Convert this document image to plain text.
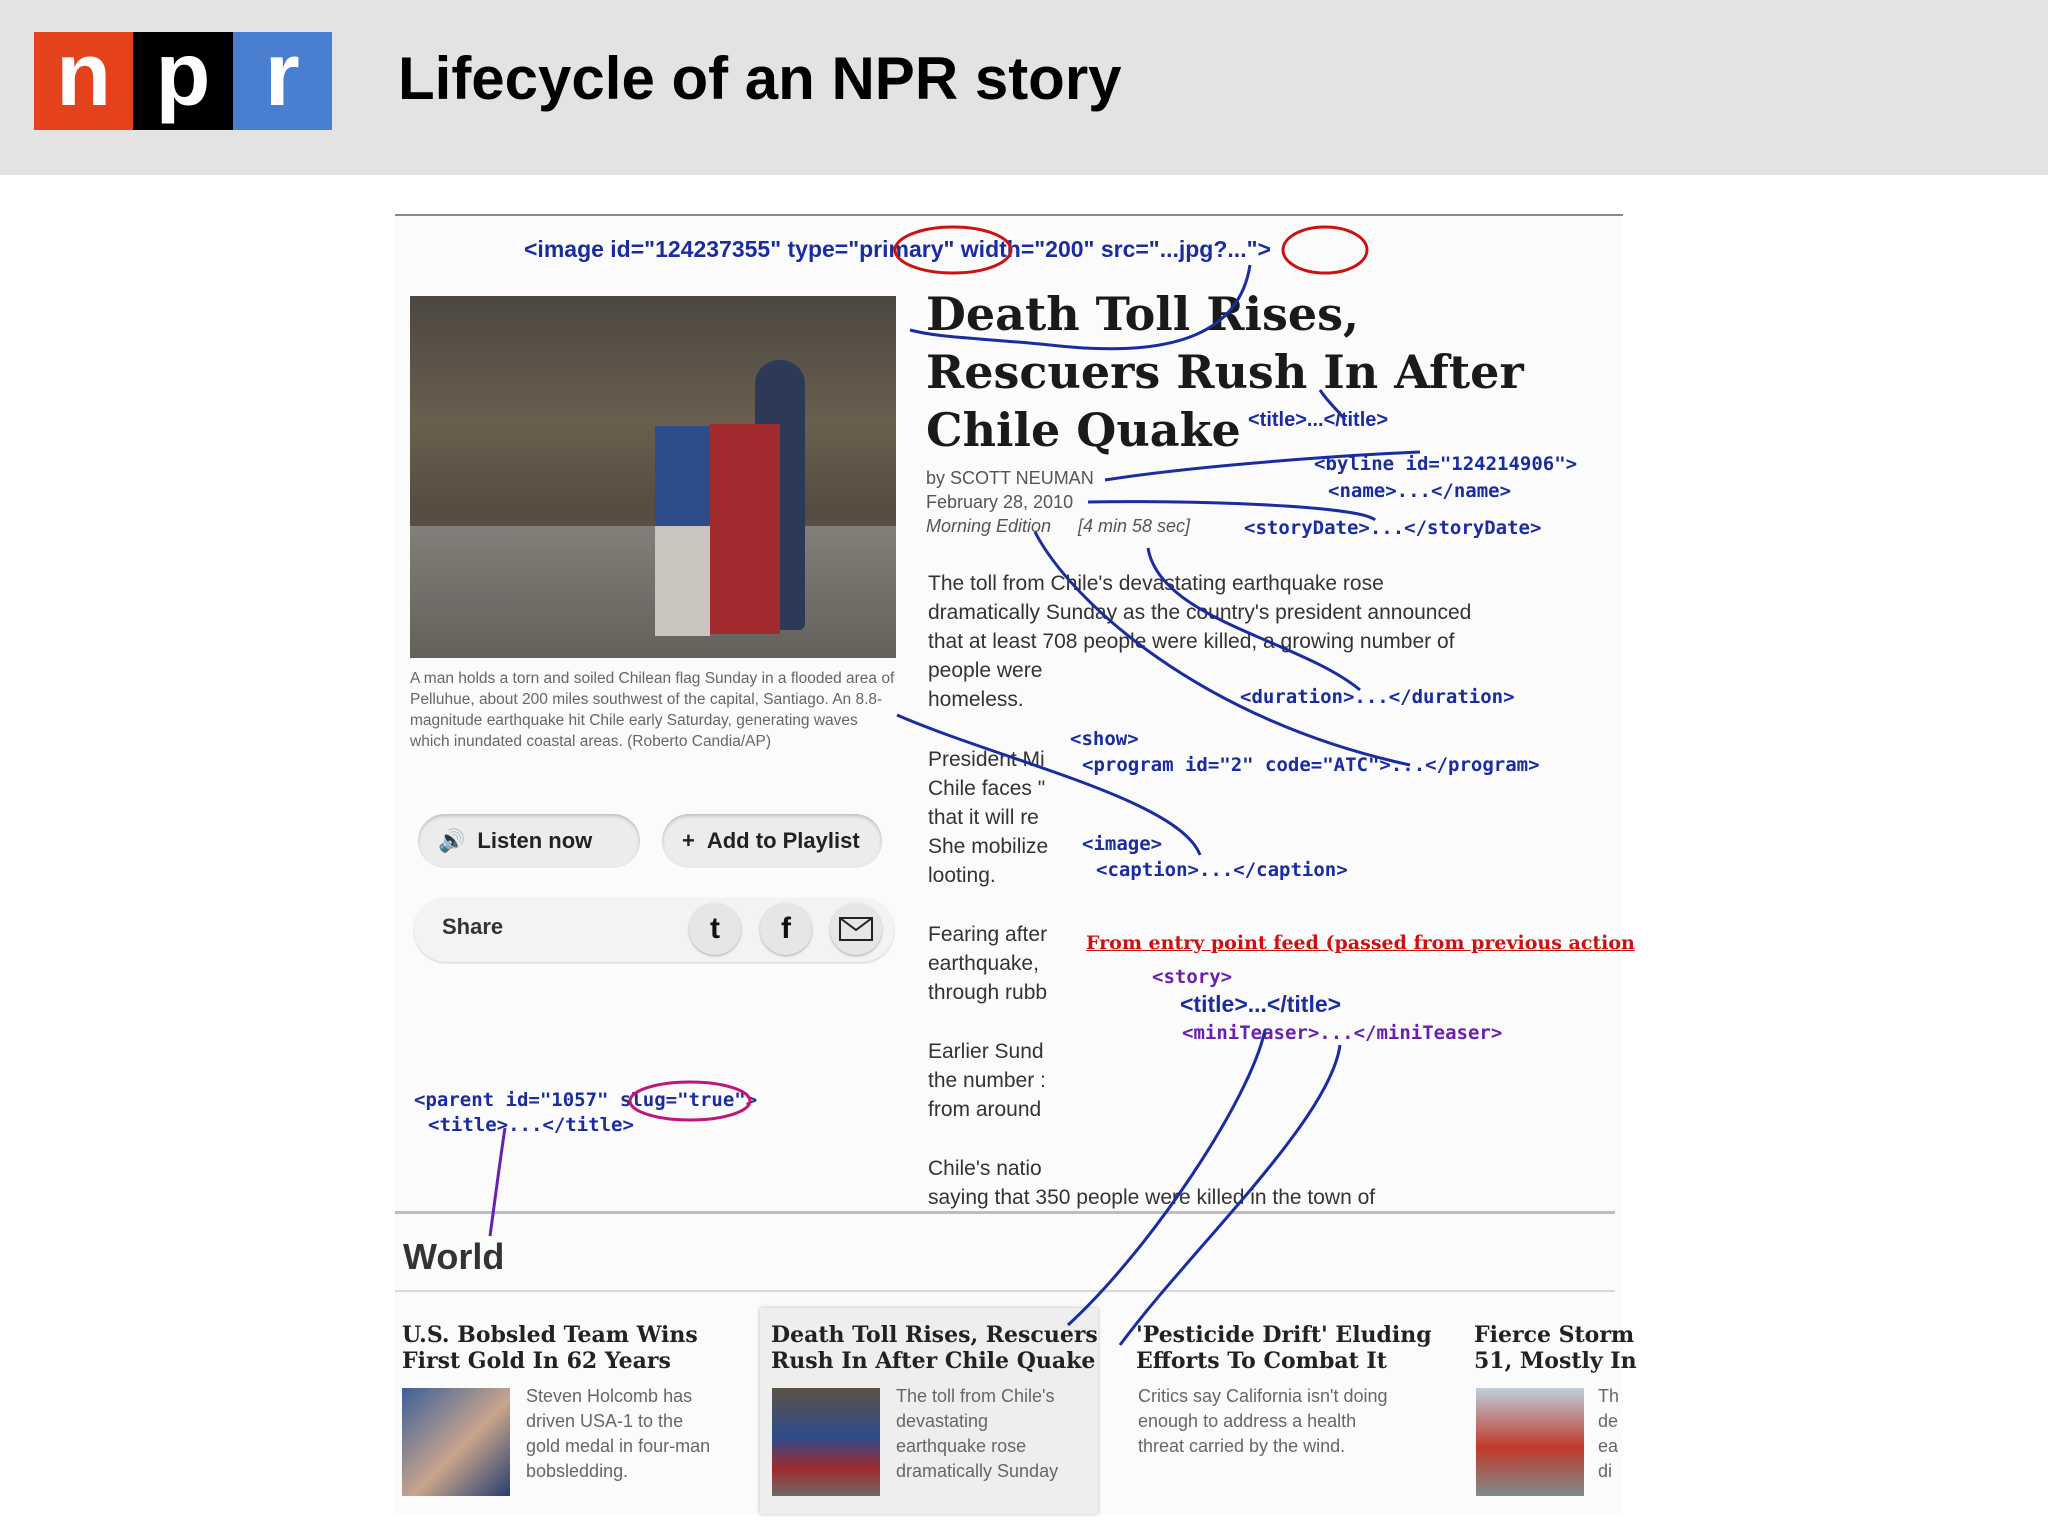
n p r	Lifecycle of an NPR story
A man holds a torn and soiled Chilean flag Sunday in a flooded area of Pelluhue, about 200 miles southwest of the capital, Santiago. An 8.8-magnitude earthquake hit Chile early Saturday, generating waves which inundated coastal areas. (Roberto Candia/AP)
🔊 Listen now	+ Add to Playlist
Share	t f
Death Toll Rises,
Rescuers Rush In After
Chile Quake
by SCOTT NEUMAN
February 28, 2010
Morning Edition [4 min 58 sec]
The toll from Chile's devastating earthquake rose
dramatically Sunday as the country's president announced
that at least 708 people were killed, a growing number of
people were
homeless.
President Mi
Chile faces "
that it will re
She mobilize
looting.
Fearing after
earthquake,
through rubb
Earlier Sund
the number :
from around
Chile's natio
saying that 350 people were killed in the town of
<image id="124237355" type="primary" width="200" src="...jpg?...">
<title>...</title>
<byline id="124214906">
<name>...</name>
<storyDate>...</storyDate>
<duration>...</duration>
<show>
<program id="2" code="ATC">...</program>
<image>
<caption>...</caption>
From entry point feed (passed from previous action
<story>
<title>...</title>
<miniTeaser>...</miniTeaser>
<parent id="1057" slug="true">
<title>...</title>
World
U.S. Bobsled Team Wins
First Gold In 62 Years
Steven Holcomb has
driven USA-1 to the
gold medal in four-man
bobsledding.
Death Toll Rises, Rescuers
Rush In After Chile Quake
The toll from Chile's
devastating
earthquake rose
dramatically Sunday
'Pesticide Drift' Eluding
Efforts To Combat It
Critics say California isn't doing
enough to address a health
threat carried by the wind.
Fierce Storm
51, Mostly In
Th
de
ea
di
